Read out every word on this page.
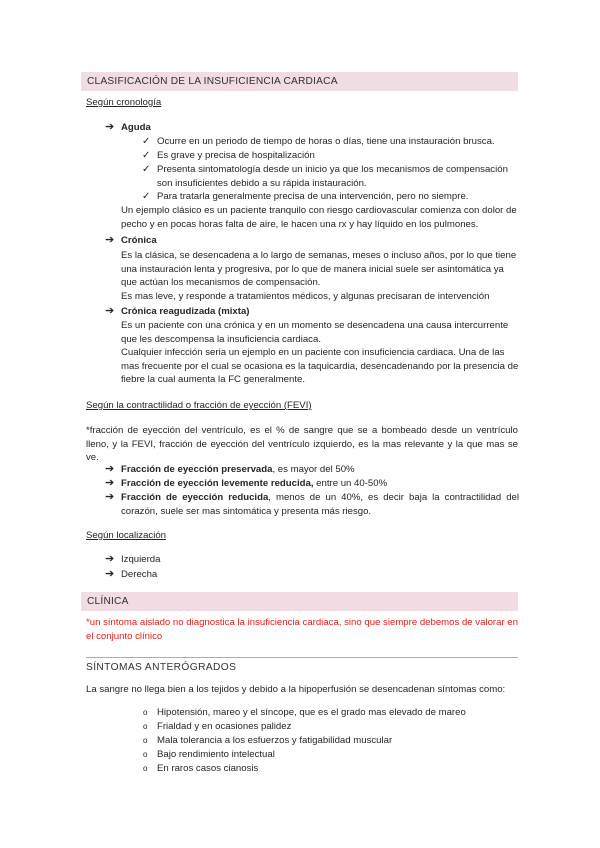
CLASIFICACIÓN DE LA INSUFICIENCIA CARDIACA
Según cronología
➔ Aguda
✓ Ocurre en un periodo de tiempo de horas o días, tiene una instauración brusca.
✓ Es grave y precisa de hospitalización
✓ Presenta sintomatología desde un inicio ya que los mecanismos de compensación son insuficientes debido a su rápida instauración.
✓ Para tratarla generalmente precisa de una intervención, pero no siempre.
Un ejemplo clásico es un paciente tranquilo con riesgo cardiovascular comienza con dolor de pecho y en pocas horas falta de aire, le hacen una rx y hay líquido en los pulmones.
➔ Crónica
Es la clásica, se desencadena a lo largo de semanas, meses o incluso años, por lo que tiene una instauración lenta y progresiva, por lo que de manera inicial suele ser asintomática ya que actúan los mecanismos de compensación.
Es mas leve, y responde a tratamientos médicos, y algunas precisaran de intervención
➔ Crónica reagudizada (mixta)
Es un paciente con una crónica y en un momento se desencadena una causa intercurrente que les descompensa la insuficiencia cardiaca.
Cualquier infección seria un ejemplo en un paciente con insuficiencia cardiaca. Una de las mas frecuente por el cual se ocasiona es la taquicardia, desencadenando por la presencia de fiebre la cual aumenta la FC generalmente.
Según la contractilidad o fracción de eyección (FEVI)
*fracción de eyección del ventrículo, es el % de sangre que se a bombeado desde un ventrículo lleno, y la FEVI, fracción de eyección del ventrículo izquierdo, es la mas relevante y la que mas se ve.
➔ Fracción de eyección preservada, es mayor del 50%
➔ Fracción de eyección levemente reducida, entre un 40-50%
➔ Fracción de eyección reducida, menos de un 40%, es decir baja la contractilidad del corazón, suele ser mas sintomática y presenta más riesgo.
Según localización
➔ Izquierda
➔ Derecha
CLÍNICA
*un síntoma aislado no diagnostica la insuficiencia cardiaca, sino que siempre debemos de valorar en el conjunto clínico
SÍNTOMAS ANTERÓGRADOS
La sangre no llega bien a los tejidos y debido a la hipoperfusión se desencadenan síntomas como:
o Hipotensión, mareo y el síncope, que es el grado mas elevado de mareo
o Frialdad y en ocasiones palidez
o Mala tolerancia a los esfuerzos y fatigabilidad muscular
o Bajo rendimiento intelectual
o En raros casos cianosis
